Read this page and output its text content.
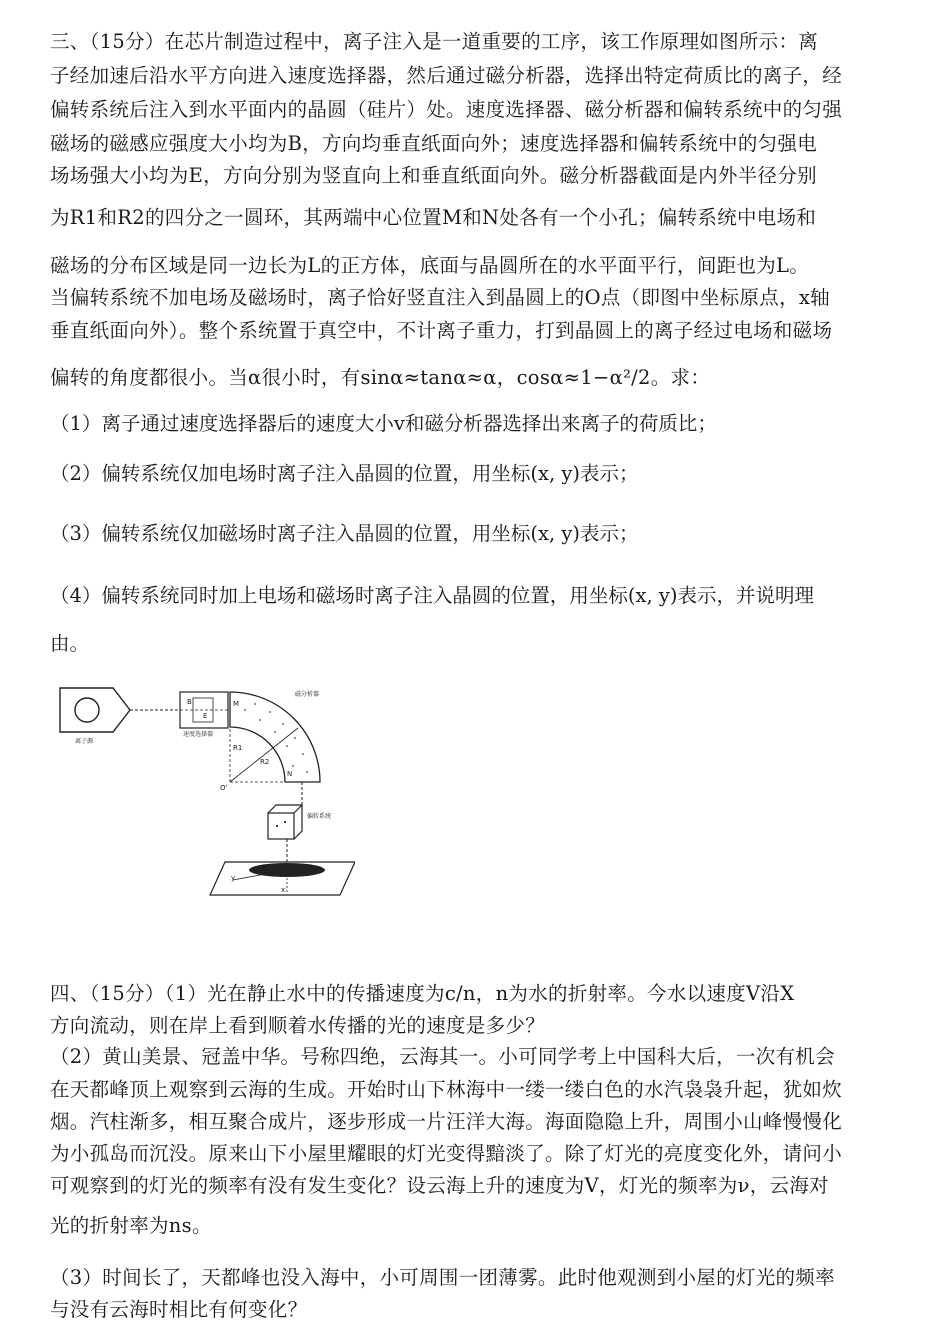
三、（15分）在芯片制造过程中，离子注入是一道重要的工序，该工作原理如图所示：离
子经加速后沿水平方向进入速度选择器，然后通过磁分析器，选择出特定荷质比的离子，经
偏转系统后注入到水平面内的晶圆（硅片）处。速度选择器、磁分析器和偏转系统中的匀强
磁场的磁感应强度大小均为B，方向均垂直纸面向外；速度选择器和偏转系统中的匀强电
场场强大小均为E，方向分别为竖直向上和垂直纸面向外。磁分析器截面是内外半径分别
为R1和R2的四分之一圆环，其两端中心位置M和N处各有一个小孔；偏转系统中电场和
磁场的分布区域是同一边长为L的正方体，底面与晶圆所在的水平面平行，间距也为L。
当偏转系统不加电场及磁场时，离子恰好竖直注入到晶圆上的O点（即图中坐标原点，x轴
垂直纸面向外）。整个系统置于真空中，不计离子重力，打到晶圆上的离子经过电场和磁场
偏转的角度都很小。当α很小时，有sinα≈tanα≈α，cosα≈1−α²/2。求：
（1）离子通过速度选择器后的速度大小v和磁分析器选择出来离子的荷质比；
（2）偏转系统仅加电场时离子注入晶圆的位置，用坐标(x, y)表示；
（3）偏转系统仅加磁场时离子注入晶圆的位置，用坐标(x, y)表示；
（4）偏转系统同时加上电场和磁场时离子注入晶圆的位置，用坐标(x, y)表示，并说明理
由。
离子源
B
E
速度选择器
M
N
磁分析器
R1
R2
O'
偏转系统
y
x
四、（15分）（1）光在静止水中的传播速度为c/n，n为水的折射率。今水以速度V沿X
方向流动，则在岸上看到顺着水传播的光的速度是多少？
（2）黄山美景、冠盖中华。号称四绝，云海其一。小可同学考上中国科大后，一次有机会
在天都峰顶上观察到云海的生成。开始时山下林海中一缕一缕白色的水汽袅袅升起，犹如炊
烟。汽柱渐多，相互聚合成片，逐步形成一片汪洋大海。海面隐隐上升，周围小山峰慢慢化
为小孤岛而沉没。原来山下小屋里耀眼的灯光变得黯淡了。除了灯光的亮度变化外，请问小
可观察到的灯光的频率有没有发生变化？设云海上升的速度为V，灯光的频率为ν，云海对
光的折射率为ns。
（3）时间长了，天都峰也没入海中，小可周围一团薄雾。此时他观测到小屋的灯光的频率
与没有云海时相比有何变化？
